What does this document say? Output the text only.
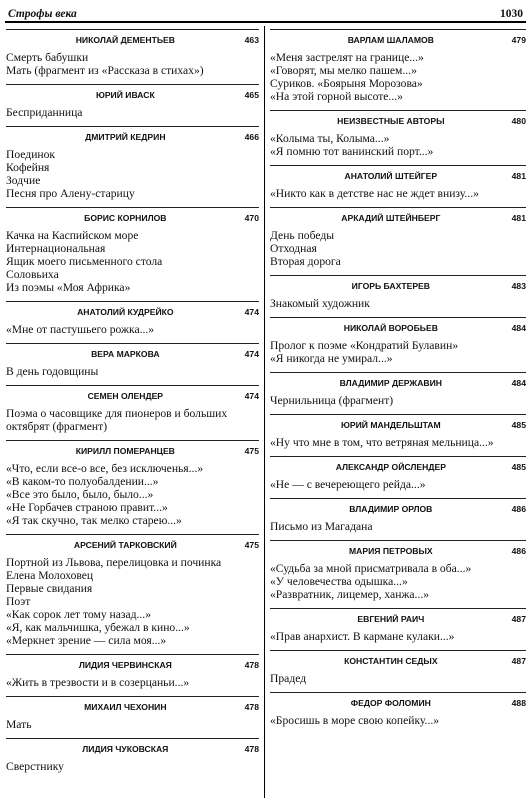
Строфы века	1030
НИКОЛАЙ ДЕМЕНТЬЕВ	463
Смерть бабушки
Мать (фрагмент из «Рассказа в стихах»)
ЮРИЙ ИВАСК	465
Бесприданница
ДМИТРИЙ КЕДРИН	466
Поединок
Кофейня
Зодчие
Песня про Алену-старицу
БОРИС КОРНИЛОВ	470
Качка на Каспийском море
Интернациональная
Ящик моего письменного стола
Соловьиха
Из поэмы «Моя Африка»
АНАТОЛИЙ КУДРЕЙКО	474
«Мне от пастушьего рожка...»
ВЕРА МАРКОВА	474
В день годовщины
СЕМЕН ОЛЕНДЕР	474
Поэма о часовщике для пионеров и больших
октябрят (фрагмент)
КИРИЛЛ ПОМЕРАНЦЕВ	475
«Что, если все-о все, без исключенья...»
«В каком-то полуобалдении...»
«Все это было, было, было...»
«Не Горбачев страною правит...»
«Я так скучно, так мелко старею...»
АРСЕНИЙ ТАРКОВСКИЙ	475
Портной из Львова, перелицовка и починка
Елена Молоховец
Первые свидания
Поэт
«Как сорок лет тому назад...»
«Я, как мальчишка, убежал в кино...»
«Меркнет зрение — сила моя...»
ЛИДИЯ ЧЕРВИНСКАЯ	478
«Жить в трезвости и в созерцаньи...»
МИХАИЛ ЧЕХОНИН	478
Мать
ЛИДИЯ ЧУКОВСКАЯ	478
Сверстнику
ВАРЛАМ ШАЛАМОВ	479
«Меня застрелят на границе...»
«Говорят, мы мелко пашем...»
Суриков. «Боярыня Морозова»
«На этой горной высоте...»
НЕИЗВЕСТНЫЕ АВТОРЫ	480
«Колыма ты, Колыма...»
«Я помню тот ванинский порт...»
АНАТОЛИЙ ШТЕЙГЕР	481
«Никто как в детстве нас не ждет внизу...»
АРКАДИЙ ШТЕЙНБЕРГ	481
День победы
Отходная
Вторая дорога
ИГОРЬ БАХТЕРЕВ	483
Знакомый художник
НИКОЛАЙ ВОРОБЬЕВ	484
Пролог к поэме «Кондратий Булавин»
«Я никогда не умирал...»
ВЛАДИМИР ДЕРЖАВИН	484
Чернильница (фрагмент)
ЮРИЙ МАНДЕЛЬШТАМ	485
«Ну что мне в том, что ветряная мельница...»
АЛЕКСАНДР ОЙСЛЕНДЕР	485
«Не — с вечереющего рейда...»
ВЛАДИМИР ОРЛОВ	486
Письмо из Магадана
МАРИЯ ПЕТРОВЫХ	486
«Судьба за мной присматривала в оба...»
«У человечества одышка...»
«Развратник, лицемер, ханжа...»
ЕВГЕНИЙ РАИЧ	487
«Прав анархист. В кармане кулаки...»
КОНСТАНТИН СЕДЫХ	487
Прадед
ФЕДОР ФОЛОМИН	488
«Бросишь в море свою копейку...»
